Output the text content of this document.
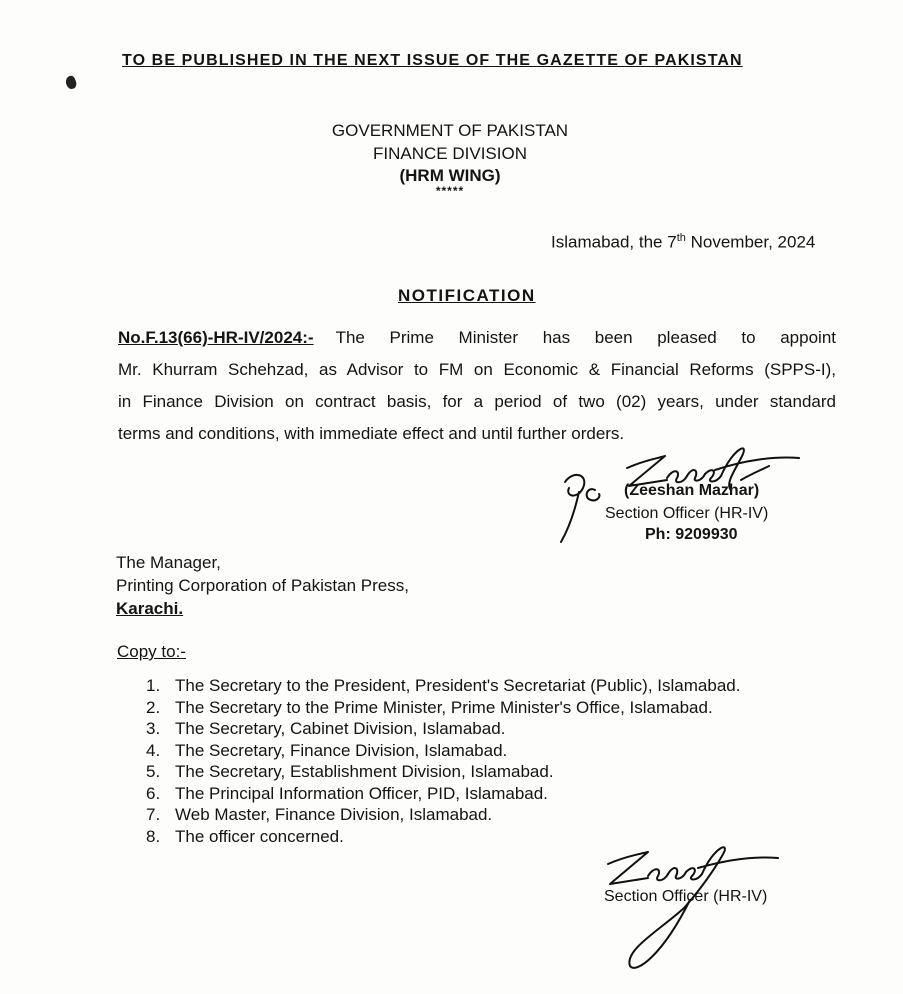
TO BE PUBLISHED IN THE NEXT ISSUE OF THE GAZETTE OF PAKISTAN
GOVERNMENT OF PAKISTAN
FINANCE DIVISION
(HRM WING)
*****
Islamabad, the 7th November, 2024
NOTIFICATION

No.F.13(66)-HR-IV/2024:- The Prime Minister has been pleased to appoint

Mr. Khurram Schehzad, as Advisor to FM on Economic & Financial Reforms (SPPS-I),

in Finance Division on contract basis, for a period of two (02) years, under standard

terms and conditions, with immediate effect and until further orders.

(Zeeshan Mazhar)
Section Officer (HR-IV)
Ph: 9209930
The Manager,
Printing Corporation of Pakistan Press,
Karachi.
Copy to:-
1. The Secretary to the President, President's Secretariat (Public), Islamabad.
2. The Secretary to the Prime Minister, Prime Minister's Office, Islamabad.
3. The Secretary, Cabinet Division, Islamabad.
4. The Secretary, Finance Division, Islamabad.
5. The Secretary, Establishment Division, Islamabad.
6. The Principal Information Officer, PID, Islamabad.
7. Web Master, Finance Division, Islamabad.
8. The officer concerned.
Section Officer (HR-IV)
